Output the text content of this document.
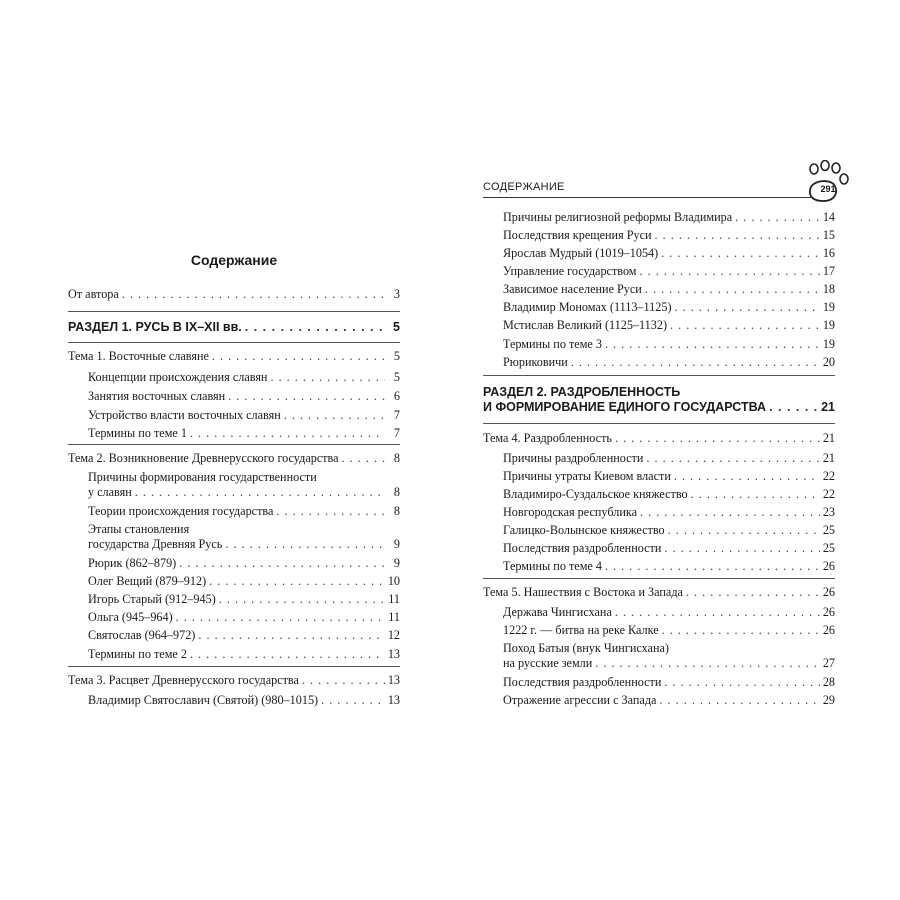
Содержание
От автора . . .	3
РАЗДЕЛ 1. РУСЬ В IX–XII вв. . . .	5
Тема 1. Восточные славяне . . .	5
Концепции происхождения славян . . .	5
Занятия восточных славян . . .	6
Устройство власти восточных славян . . .	7
Термины по теме 1 . . .	7
Тема 2. Возникновение Древнерусского государства . . .	8
Причины формирования государственности
у славян . . .	8
Теории происхождения государства . . .	8
Этапы становления
государства Древняя Русь . . .	9
Рюрик (862–879) . . .	9
Олег Вещий (879–912) . . .	10
Игорь Старый (912–945) . . .	11
Ольга (945–964) . . .	11
Святослав (964–972) . . .	12
Термины по теме 2 . . .	13
Тема 3. Расцвет Древнерусского государства . . .	13
Владимир Святославич (Святой) (980–1015) . . .	13
СОДЕРЖАНИЕ	291
Причины религиозной реформы Владимира . . .	14
Последствия крещения Руси . . .	15
Ярослав Мудрый (1019–1054) . . .	16
Управление государством . . .	17
Зависимое население Руси . . .	18
Владимир Мономах (1113–1125) . . .	19
Мстислав Великий (1125–1132) . . .	19
Термины по теме 3 . . .	19
Рюриковичи . . .	20
РАЗДЕЛ 2. РАЗДРОБЛЕННОСТЬ
И ФОРМИРОВАНИЕ ЕДИНОГО ГОСУДАРСТВА . . .	21
Тема 4. Раздробленность . . .	21
Причины раздробленности . . .	21
Причины утраты Киевом власти . . .	22
Владимиро-Суздальское княжество . . .	22
Новгородская республика . . .	23
Галицко-Волынское княжество . . .	25
Последствия раздробленности . . .	25
Термины по теме 4 . . .	26
Тема 5. Нашествия с Востока и Запада . . .	26
Держава Чингисхана . . .	26
1222 г. — битва на реке Калке . . .	26
Поход Батыя (внук Чингисхана)
на русские земли . . .	27
Последствия раздробленности . . .	28
Отражение агрессии с Запада . . .	29
